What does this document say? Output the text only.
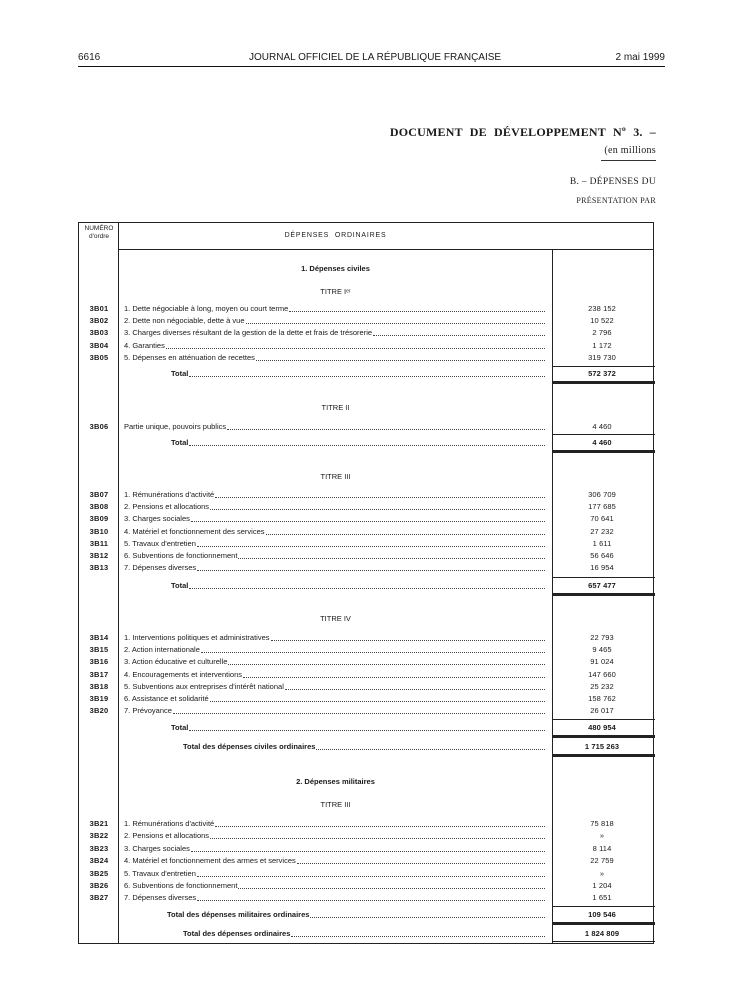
6616	JOURNAL OFFICIEL DE LA RÉPUBLIQUE FRANÇAISE	2 mai 1999
DOCUMENT DE DÉVELOPPEMENT Nº 3. –
(en millions
B. – DÉPENSES DU
PRÉSENTATION PAR
NUMÉRO
d'ordre	DÉPENSES ORDINAIRES
1. Dépenses civiles
TITRE Iᵉʳ
3B01	1. Dette négociable à long, moyen ou court terme	238 152
3B02	2. Dette non négociable, dette à vue	10 522
3B03	3. Charges diverses résultant de la gestion de la dette et frais de trésorerie	2 796
3B04	4. Garanties	1 172
3B05	5. Dépenses en atténuation de recettes	319 730
Total	572 372
TITRE II
3B06	Partie unique, pouvoirs publics	4 460
Total	4 460
TITRE III
3B07	1. Rémunérations d'activité	306 709
3B08	2. Pensions et allocations	177 685
3B09	3. Charges sociales	70 641
3B10	4. Matériel et fonctionnement des services	27 232
3B11	5. Travaux d'entretien	1 611
3B12	6. Subventions de fonctionnement	56 646
3B13	7. Dépenses diverses	16 954
Total	657 477
TITRE IV
3B14	1. Interventions politiques et administratives	22 793
3B15	2. Action internationale	9 465
3B16	3. Action éducative et culturelle	91 024
3B17	4. Encouragements et interventions	147 660
3B18	5. Subventions aux entreprises d'intérêt national	25 232
3B19	6. Assistance et solidarité	158 762
3B20	7. Prévoyance	26 017
Total	480 954
Total des dépenses civiles ordinaires	1 715 263
2. Dépenses militaires
TITRE III
3B21	1. Rémunérations d'activité	75 818
3B22	2. Pensions et allocations	»
3B23	3. Charges sociales	8 114
3B24	4. Matériel et fonctionnement des armes et services	22 759
3B25	5. Travaux d'entretien	»
3B26	6. Subventions de fonctionnement	1 204
3B27	7. Dépenses diverses	1 651
Total des dépenses militaires ordinaires	109 546
Total des dépenses ordinaires	1 824 809
